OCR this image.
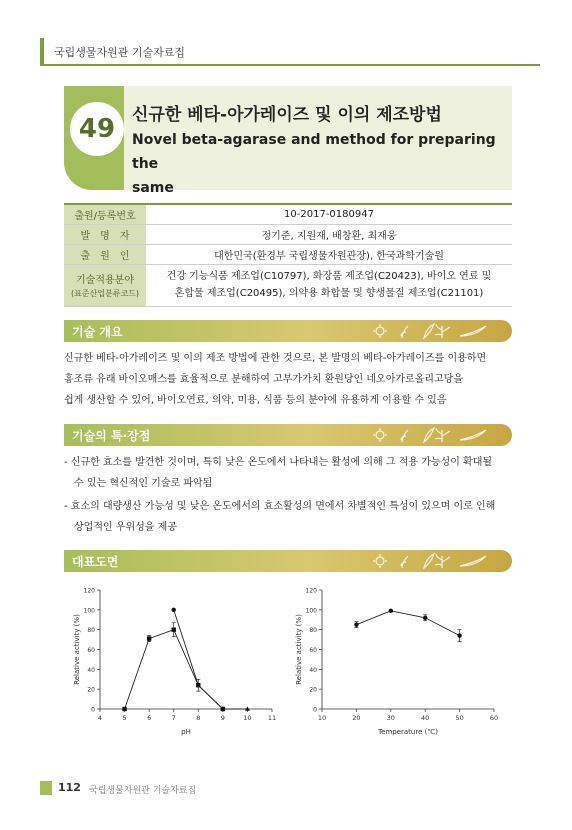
국립생물자원관 기술자료집
49 신규한 베타-아가레이즈 및 이의 제조방법
Novel beta-agarase and method for preparing the
same
출원/등록번호	10-2017-0180947
발　명　자	정기준, 지원재, 배창환, 최재웅
출　원　인	대한민국(환경부 국립생물자원관장), 한국과학기술원
기술적용분야
(표준산업분류코드)	건강 기능식품 제조업(C10797), 화장품 제조업(C20423), 바이오 연료 및
혼합물 제조업(C20495), 의약용 화합물 및 향생물질 제조업(C21101)
기술 개요
신규한 베타-아가레이즈 및 이의 제조 방법에 관한 것으로, 본 발명의 베타-아가레이즈를 이용하면
홍조류 유래 바이오매스를 효율적으로 분해하여 고부가가치 환원당인 네오아가로올리고당을
쉽게 생산할 수 있어, 바이오연료, 의약, 미용, 식품 등의 분야에 유용하게 이용할 수 있음
기술의 특·장점
- 신규한 효소를 발견한 것이며, 특히 낮은 온도에서 나타내는 활성에 의해 그 적용 가능성이 확대될
수 있는 혁신적인 기술로 파악됨
- 효소의 대량생산 가능성 및 낮은 온도에서의 효소활성의 면에서 차별적인 특성이 있으며 이로 인해
상업적인 우위성을 제공
대표도면
0
20
40
60
80
100
120
4	5	6	7	8	9	10	11
pH
Relative activity (%)
0
20
40
60
80
100
120
10	20	30	40	50	60
Temperature (℃)
Relative activity (%)
112 국립생물자원관 기술자료집
